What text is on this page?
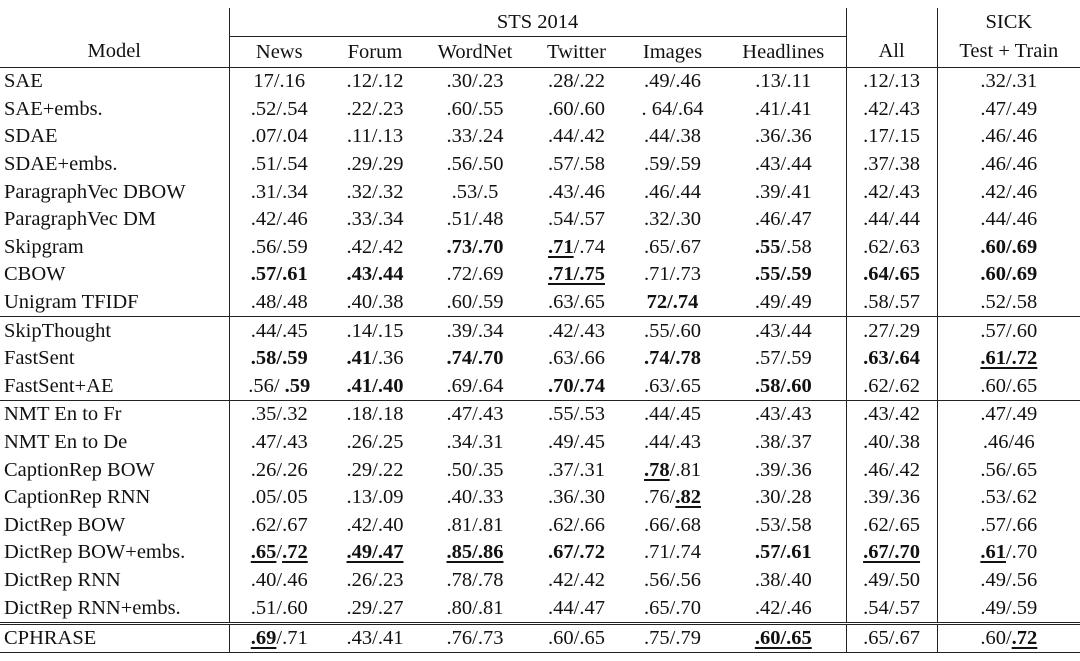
	STS 2014							SICK
Model	News	Forum	WordNet	Twitter	Images	Headlines	All	Test + Train
SAE	17/.16	.12/.12	.30/.23	.28/.22	.49/.46	.13/.11	.12/.13	.32/.31
SAE+embs.	.52/.54	.22/.23	.60/.55	.60/.60	. 64/.64	.41/.41	.42/.43	.47/.49
SDAE	.07/.04	.11/.13	.33/.24	.44/.42	.44/.38	.36/.36	.17/.15	.46/.46
SDAE+embs.	.51/.54	.29/.29	.56/.50	.57/.58	.59/.59	.43/.44	.37/.38	.46/.46
ParagraphVec DBOW	.31/.34	.32/.32	.53/.5	.43/.46	.46/.44	.39/.41	.42/.43	.42/.46
ParagraphVec DM	.42/.46	.33/.34	.51/.48	.54/.57	.32/.30	.46/.47	.44/.44	.44/.46
Skipgram	.56/.59	.42/.42	.73/.70	.71/.74	.65/.67	.55/.58	.62/.63	.60/.69
CBOW	.57/.61	.43/.44	.72/.69	.71/.75	.71/.73	.55/.59	.64/.65	.60/.69
Unigram TFIDF	.48/.48	.40/.38	.60/.59	.63/.65	72/.74	.49/.49	.58/.57	.52/.58
SkipThought	.44/.45	.14/.15	.39/.34	.42/.43	.55/.60	.43/.44	.27/.29	.57/.60
FastSent	.58/.59	.41/.36	.74/.70	.63/.66	.74/.78	.57/.59	.63/.64	.61/.72
FastSent+AE	.56/ .59	.41/.40	.69/.64	.70/.74	.63/.65	.58/.60	.62/.62	.60/.65
NMT En to Fr	.35/.32	.18/.18	.47/.43	.55/.53	.44/.45	.43/.43	.43/.42	.47/.49
NMT En to De	.47/.43	.26/.25	.34/.31	.49/.45	.44/.43	.38/.37	.40/.38	.46/46
CaptionRep BOW	.26/.26	.29/.22	.50/.35	.37/.31	.78/.81	.39/.36	.46/.42	.56/.65
CaptionRep RNN	.05/.05	.13/.09	.40/.33	.36/.30	.76/.82	.30/.28	.39/.36	.53/.62
DictRep BOW	.62/.67	.42/.40	.81/.81	.62/.66	.66/.68	.53/.58	.62/.65	.57/.66
DictRep BOW+embs.	.65/.72	.49/.47	.85/.86	.67/.72	.71/.74	.57/.61	.67/.70	.61/.70
DictRep RNN	.40/.46	.26/.23	.78/.78	.42/.42	.56/.56	.38/.40	.49/.50	.49/.56
DictRep RNN+embs.	.51/.60	.29/.27	.80/.81	.44/.47	.65/.70	.42/.46	.54/.57	.49/.59
CPHRASE	.69/.71	.43/.41	.76/.73	.60/.65	.75/.79	.60/.65	.65/.67	.60/.72
